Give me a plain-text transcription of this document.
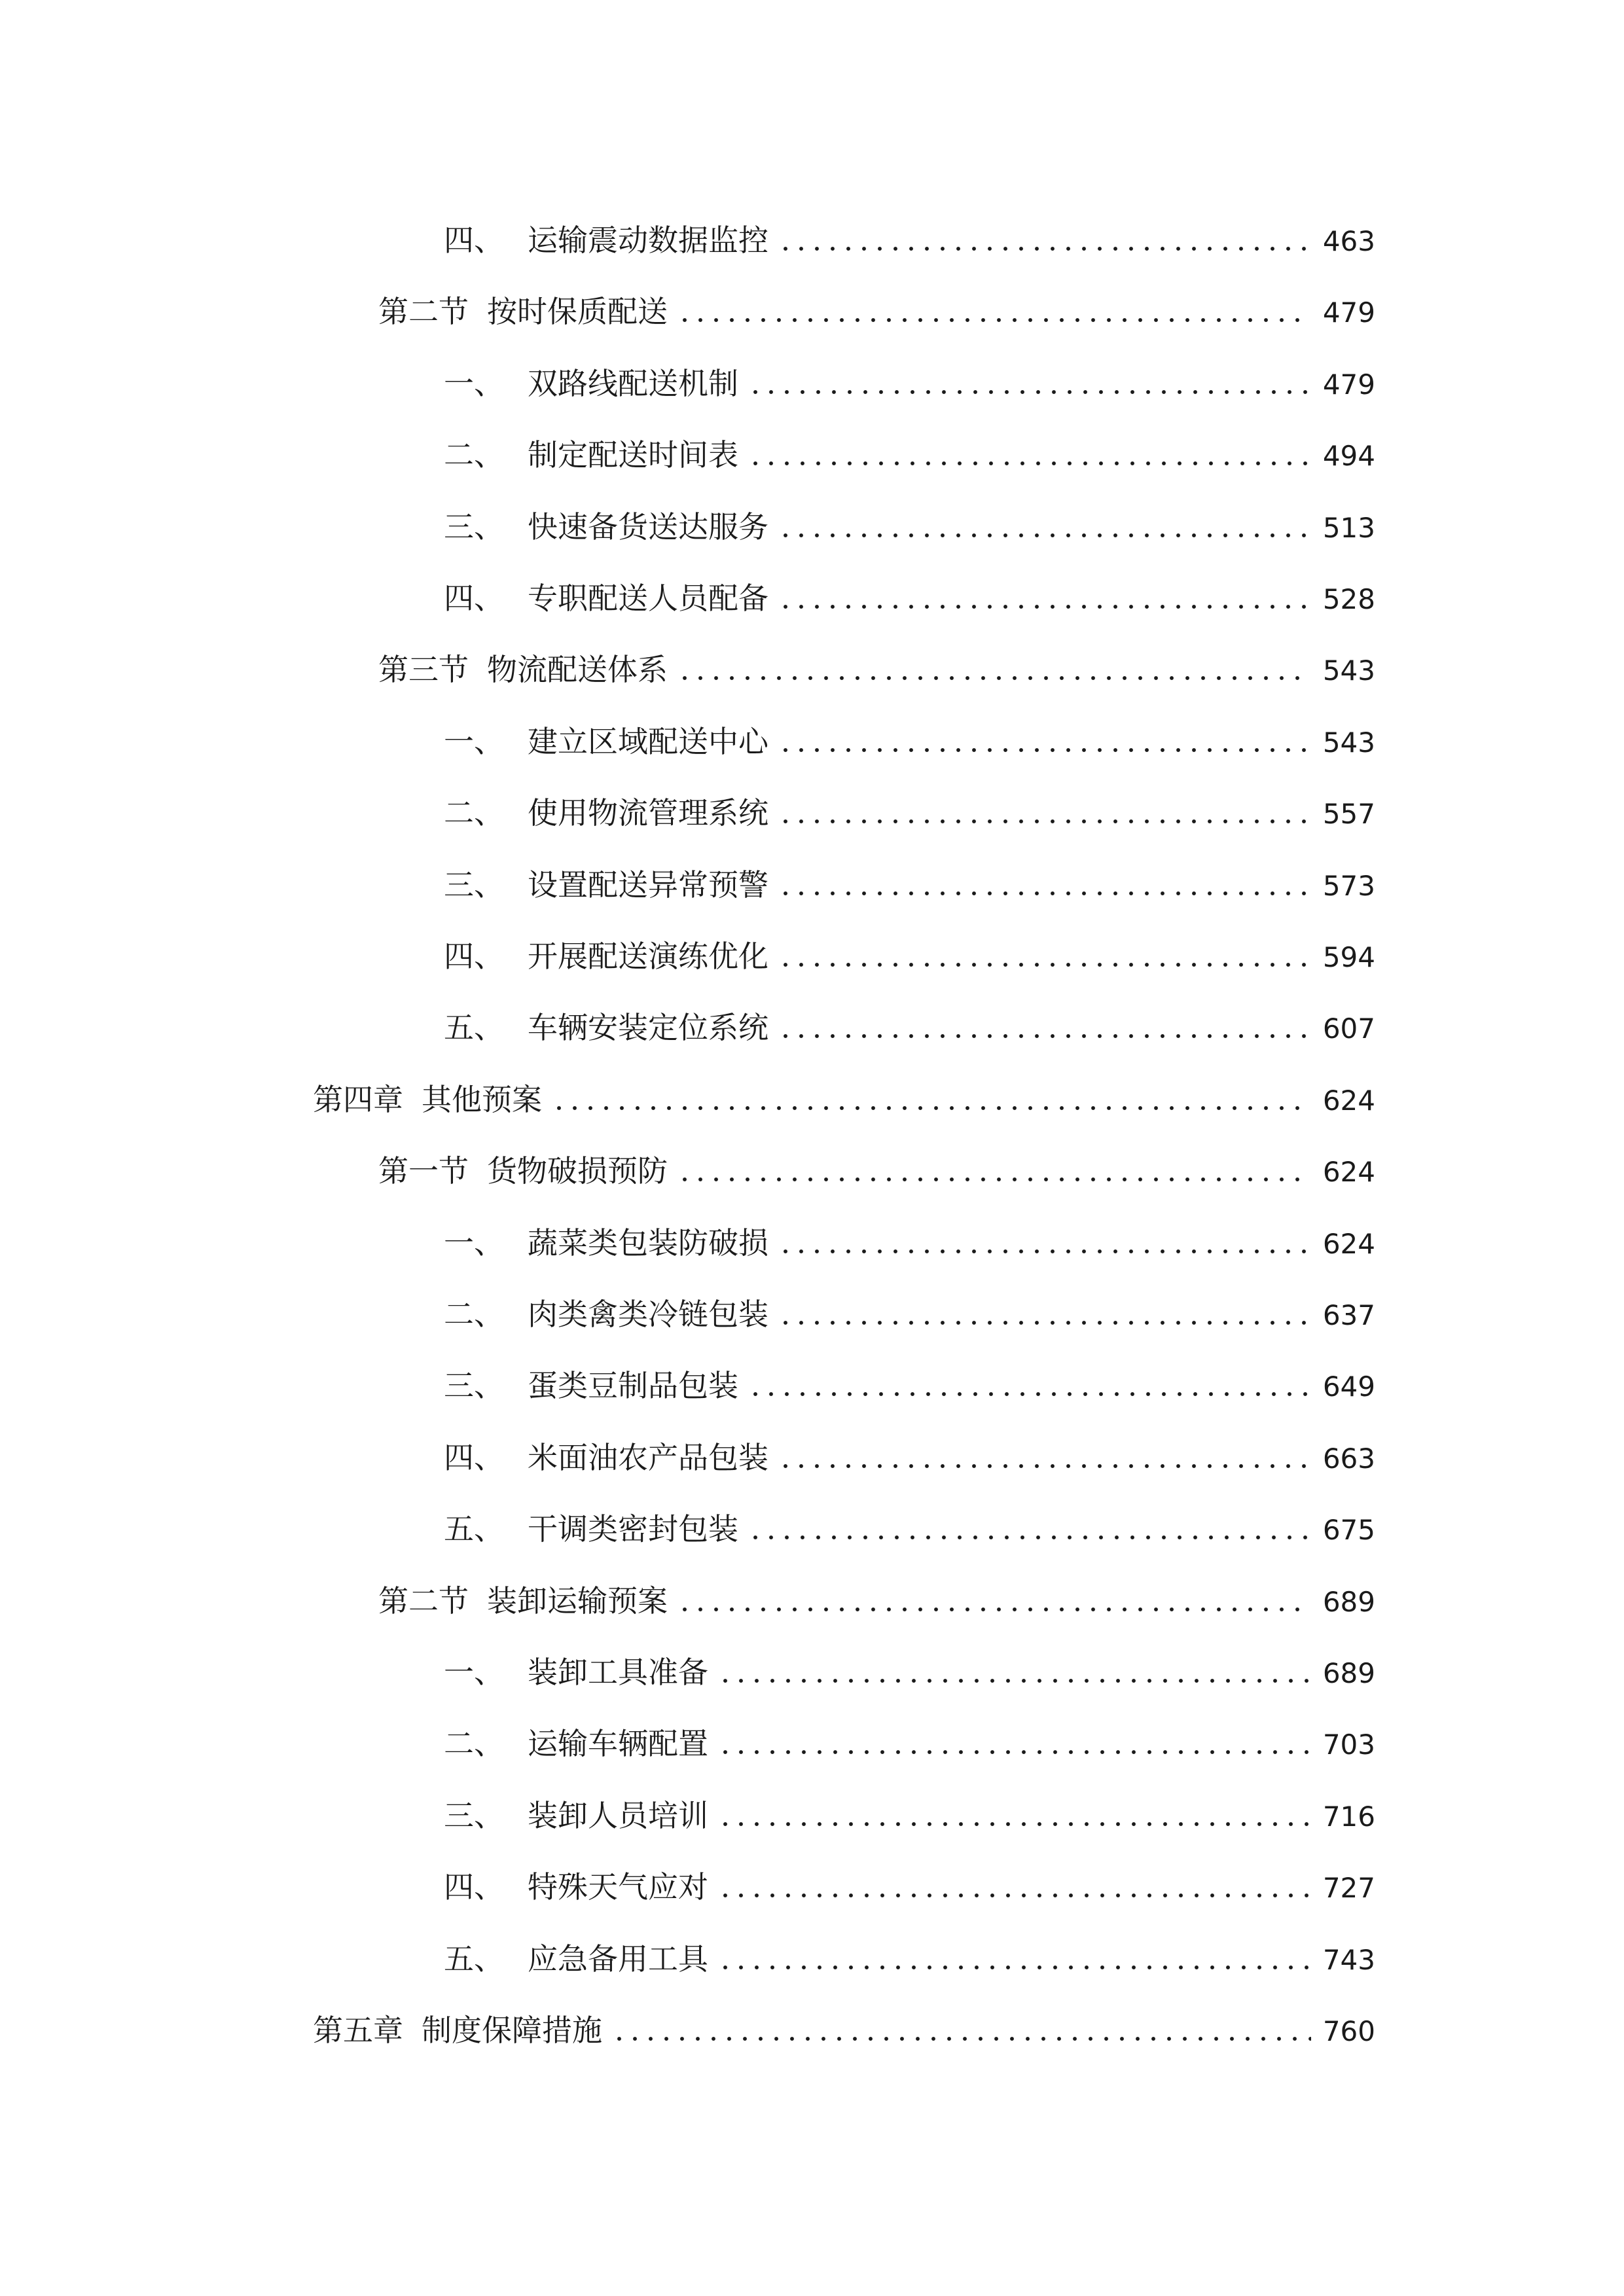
四、 运输震动数据监控	463
第二节 按时保质配送	479
一、 双路线配送机制	479
二、 制定配送时间表	494
三、 快速备货送达服务	513
四、 专职配送人员配备	528
第三节 物流配送体系	543
一、 建立区域配送中心	543
二、 使用物流管理系统	557
三、 设置配送异常预警	573
四、 开展配送演练优化	594
五、 车辆安装定位系统	607
第四章 其他预案	624
第一节 货物破损预防	624
一、 蔬菜类包装防破损	624
二、 肉类禽类冷链包装	637
三、 蛋类豆制品包装	649
四、 米面油农产品包装	663
五、 干调类密封包装	675
第二节 装卸运输预案	689
一、 装卸工具准备	689
二、 运输车辆配置	703
三、 装卸人员培训	716
四、 特殊天气应对	727
五、 应急备用工具	743
第五章 制度保障措施	760
